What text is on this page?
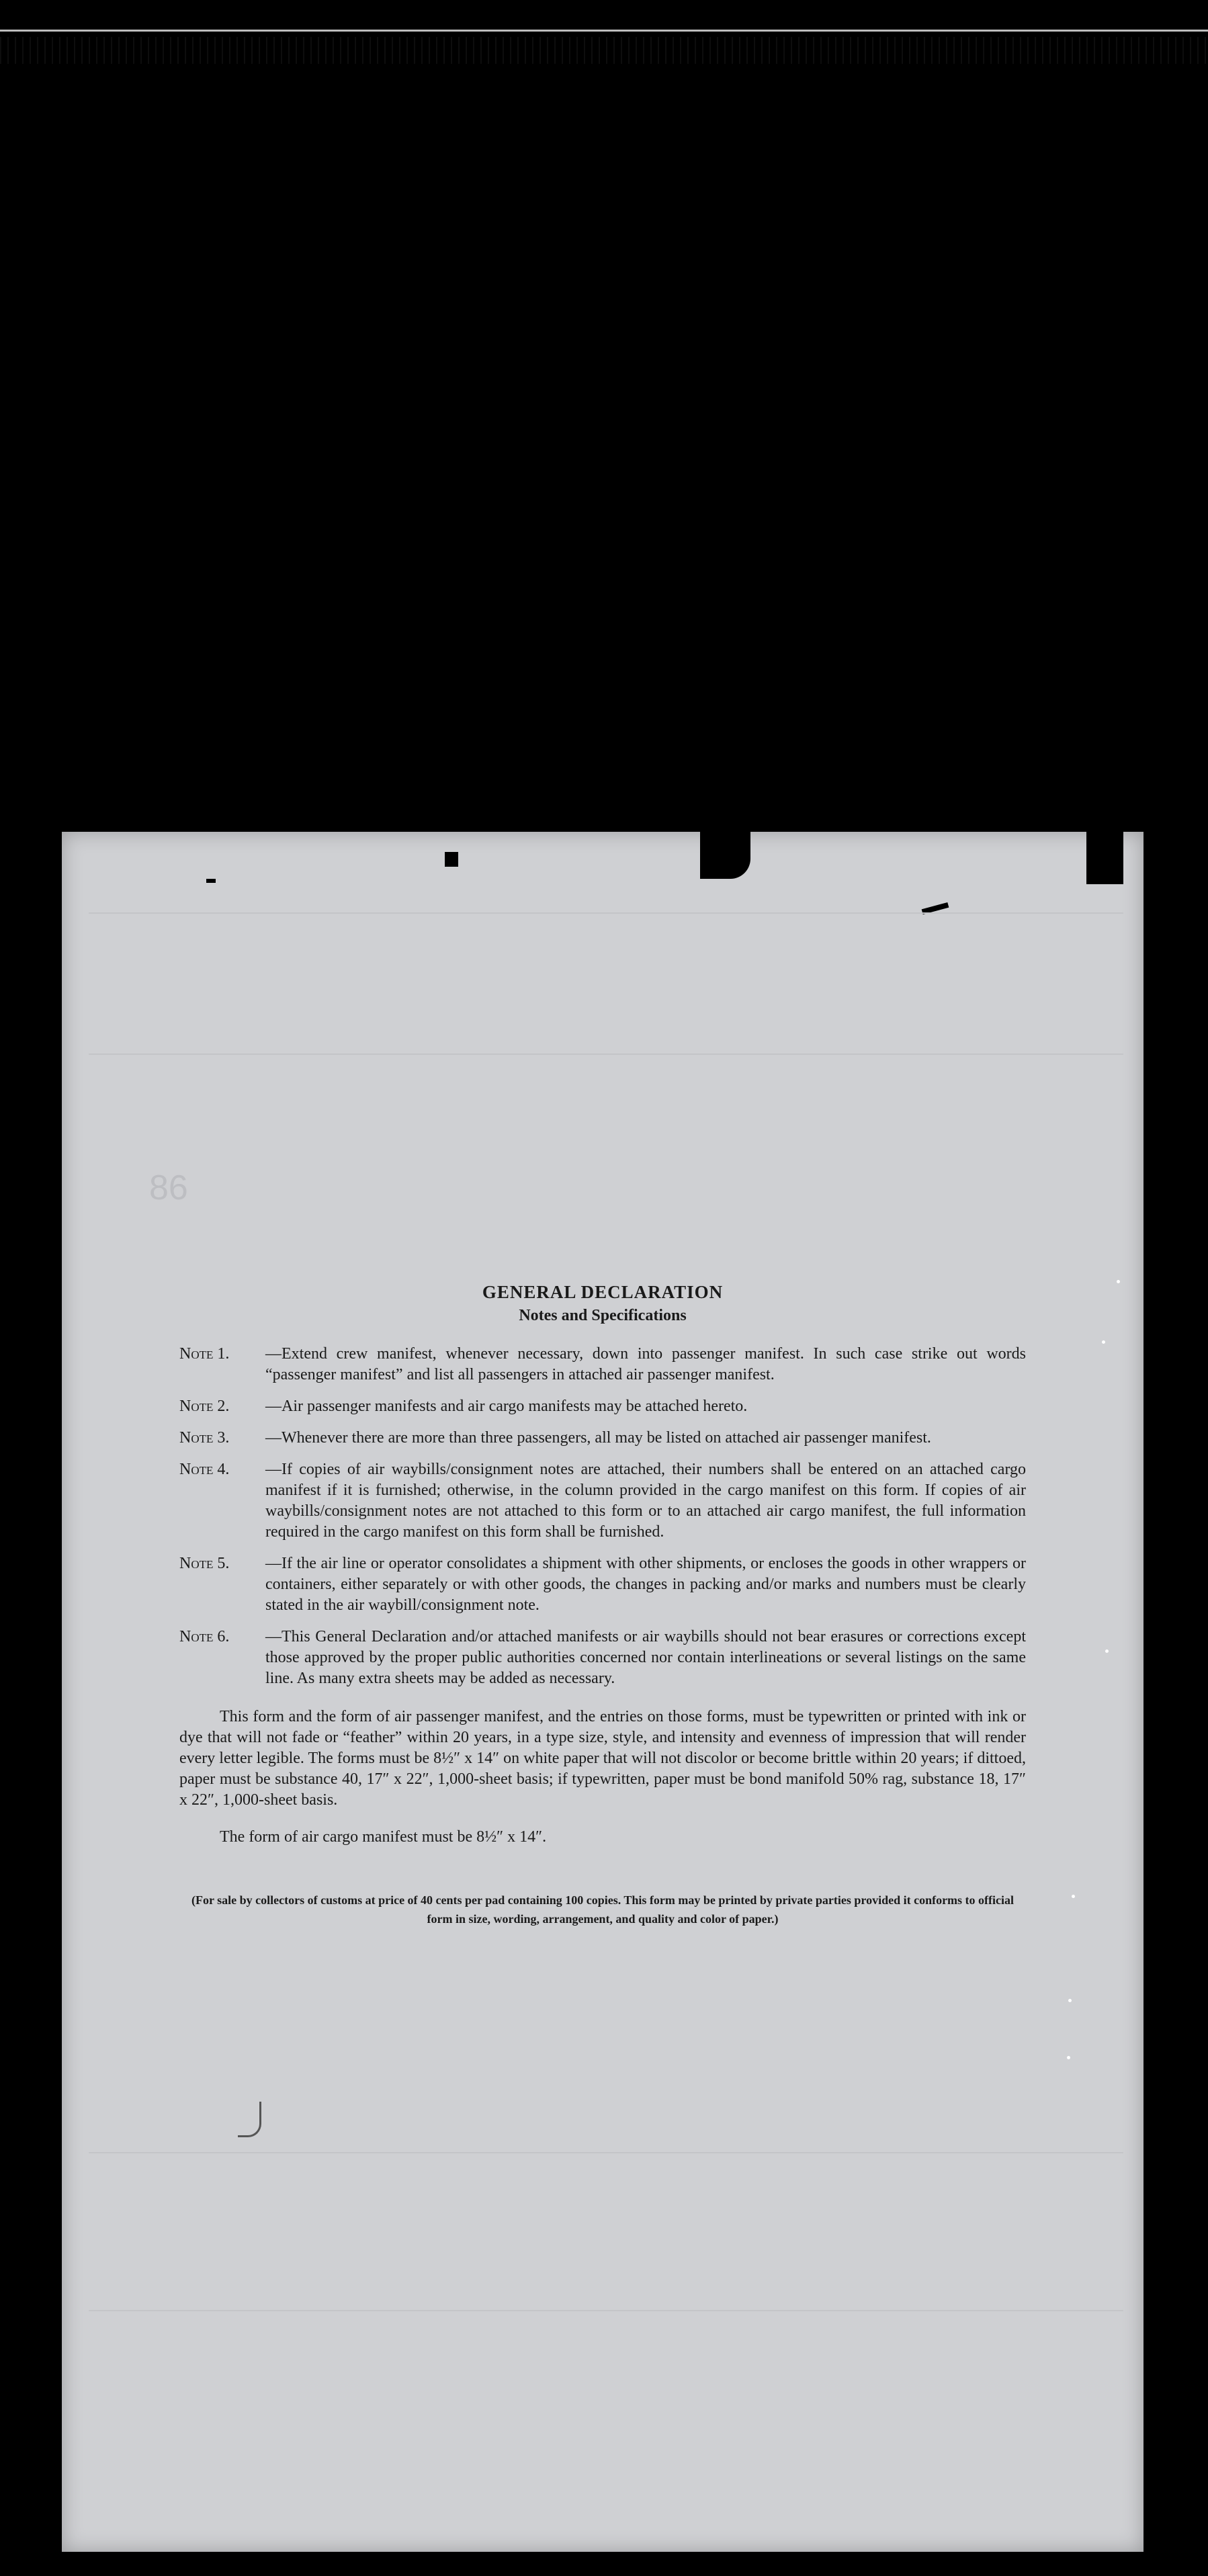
86
GENERAL DECLARATION
Notes and Specifications
Note 1. —Extend crew manifest, whenever necessary, down into passenger manifest. In such case strike out words “passenger manifest” and list all passengers in attached air passenger manifest.
Note 2. —Air passenger manifests and air cargo manifests may be attached hereto.
Note 3. —Whenever there are more than three passengers, all may be listed on attached air passenger manifest.
Note 4. —If copies of air waybills/consignment notes are attached, their numbers shall be entered on an attached cargo manifest if it is furnished; otherwise, in the column provided in the cargo manifest on this form. If copies of air waybills/consignment notes are not attached to this form or to an attached air cargo manifest, the full information required in the cargo manifest on this form shall be furnished.
Note 5. —If the air line or operator consolidates a shipment with other shipments, or encloses the goods in other wrappers or containers, either separately or with other goods, the changes in packing and/or marks and numbers must be clearly stated in the air waybill/consignment note.
Note 6. —This General Declaration and/or attached manifests or air waybills should not bear erasures or corrections except those approved by the proper public authorities concerned nor contain interlineations or several listings on the same line. As many extra sheets may be added as necessary.

This form and the form of air passenger manifest, and the entries on those forms, must be typewritten or printed with ink or dye that will not fade or “feather” within 20 years, in a type size, style, and intensity and evenness of impression that will render every letter legible. The forms must be 8½″ x 14″ on white paper that will not discolor or become brittle within 20 years; if dittoed, paper must be substance 40, 17″ x 22″, 1,000-sheet basis; if typewritten, paper must be bond manifold 50% rag, substance 18, 17″ x 22″, 1,000-sheet basis.

The form of air cargo manifest must be 8½″ x 14″.
(For sale by collectors of customs at price of 40 cents per pad containing 100 copies. This form may be printed by private parties provided it conforms to official form in size, wording, arrangement, and quality and color of paper.)
